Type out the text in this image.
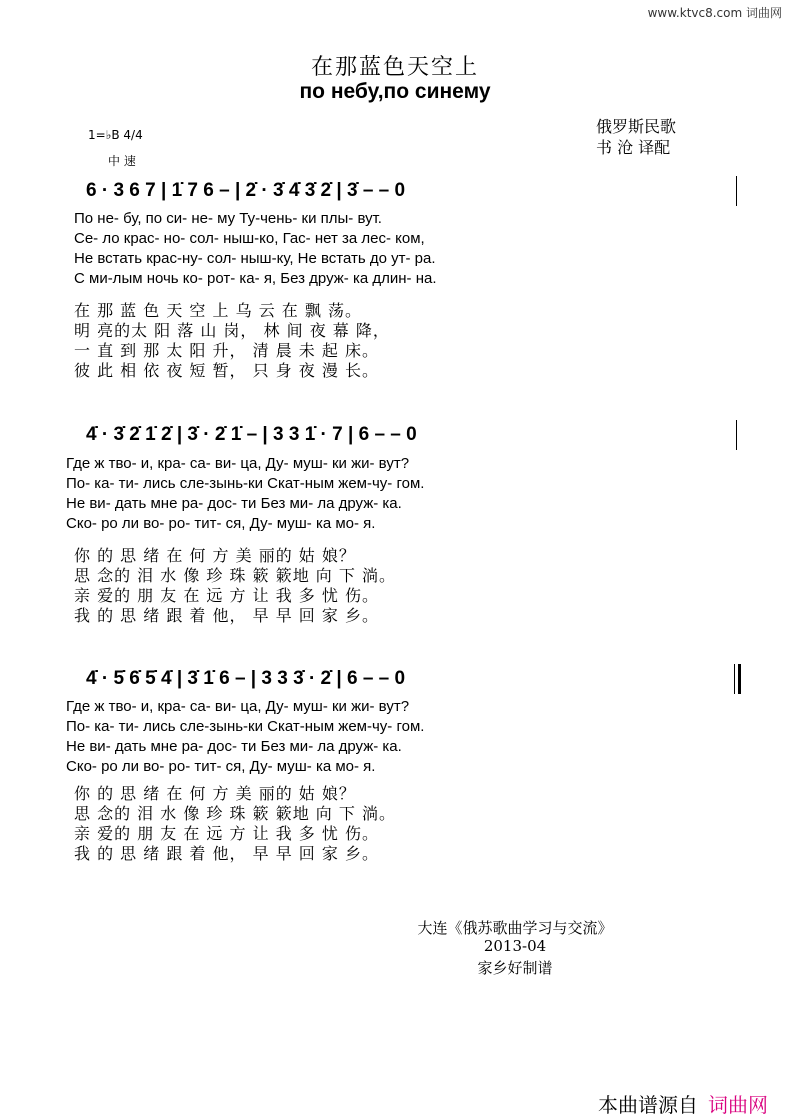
www.ktvc8.com 词曲网
在那蓝色天空上
по небу,по синему
俄罗斯民歌
书 沧 译配
1=♭B 4/4
中 速
6 · 3 6 7 | 1̇ 7 6 – | 2̇ · 3̇ 4̇ 3̇ 2̇ | 3̇ – – 0
По не- бу, по си- не- му Ту-чень- ки плы- вут.
Се- ло крас- но- сол- ныш-ко, Гас- нет за лес- ком,
Не встать крас-ну- сол- ныш-ку, Не встать до ут- ра.
С ми-лым ночь ко- рот- ка- я, Без друж- ка длин- на.
在 那 蓝 色 天 空 上 乌 云 在 飘 荡。
明 亮的太 阳 落 山 岗， 林 间 夜 幕 降，
一 直 到 那 太 阳 升， 清 晨 未 起 床。
彼 此 相 依 夜 短 暂， 只 身 夜 漫 长。
4̇ · 3̇ 2̇ 1̇ 2̇ | 3̇ · 2̇ 1̇ – | 3 3 1̇ · 7 | 6 – – 0
Где ж тво- и, кра- са- ви- ца, Ду- муш- ки жи- вут?
По- ка- ти- лись сле-зынь-ки Скат-ным жем-чу- гом.
Не ви- дать мне ра- дос- ти Без ми- ла друж- ка.
Ско- ро ли во- ро- тит- ся, Ду- муш- ка мо- я.
你 的 思 绪 在 何 方 美 丽的 姑 娘？
思 念的 泪 水 像 珍 珠 簌 簌地 向 下 淌。
亲 爱的 朋 友 在 远 方 让 我 多 忧 伤。
我 的 思 绪 跟 着 他， 早 早 回 家 乡。
4̇ · 5̇ 6̇ 5̇ 4̇ | 3̇ 1̇ 6 – | 3 3 3̇ · 2̇ | 6 – – 0
Где ж тво- и, кра- са- ви- ца, Ду- муш- ки жи- вут?
По- ка- ти- лись сле-зынь-ки Скат-ным жем-чу- гом.
Не ви- дать мне ра- дос- ти Без ми- ла друж- ка.
Ско- ро ли во- ро- тит- ся, Ду- муш- ка мо- я.
你 的 思 绪 在 何 方 美 丽的 姑 娘？
思 念的 泪 水 像 珍 珠 簌 簌地 向 下 淌。
亲 爱的 朋 友 在 远 方 让 我 多 忧 伤。
我 的 思 绪 跟 着 他， 早 早 回 家 乡。
大连《俄苏歌曲学习与交流》
2013-04
家乡好制谱
本曲谱源自 词曲网
